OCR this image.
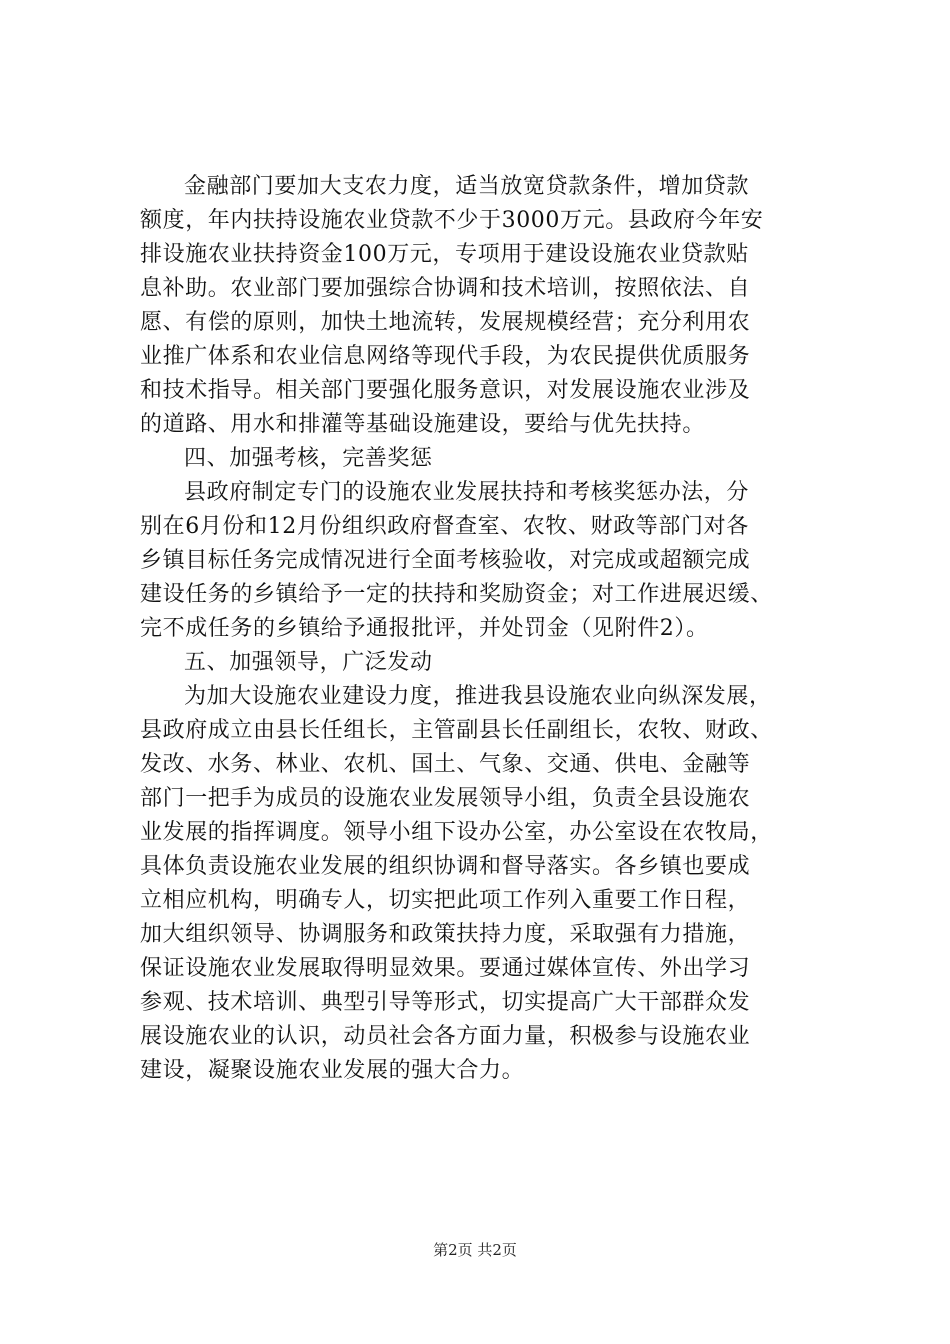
金融部门要加大支农力度，适当放宽贷款条件，增加贷款
额度，年内扶持设施农业贷款不少于3000万元。县政府今年安
排设施农业扶持资金100万元，专项用于建设设施农业贷款贴
息补助。农业部门要加强综合协调和技术培训，按照依法、自
愿、有偿的原则，加快土地流转，发展规模经营；充分利用农
业推广体系和农业信息网络等现代手段，为农民提供优质服务
和技术指导。相关部门要强化服务意识，对发展设施农业涉及
的道路、用水和排灌等基础设施建设，要给与优先扶持。
四、加强考核，完善奖惩
县政府制定专门的设施农业发展扶持和考核奖惩办法，分
别在6月份和12月份组织政府督查室、农牧、财政等部门对各
乡镇目标任务完成情况进行全面考核验收，对完成或超额完成
建设任务的乡镇给予一定的扶持和奖励资金；对工作进展迟缓、
完不成任务的乡镇给予通报批评，并处罚金（见附件2）。
五、加强领导，广泛发动
为加大设施农业建设力度，推进我县设施农业向纵深发展，
县政府成立由县长任组长，主管副县长任副组长，农牧、财政、
发改、水务、林业、农机、国土、气象、交通、供电、金融等
部门一把手为成员的设施农业发展领导小组，负责全县设施农
业发展的指挥调度。领导小组下设办公室，办公室设在农牧局，
具体负责设施农业发展的组织协调和督导落实。各乡镇也要成
立相应机构，明确专人，切实把此项工作列入重要工作日程，
加大组织领导、协调服务和政策扶持力度，采取强有力措施，
保证设施农业发展取得明显效果。要通过媒体宣传、外出学习
参观、技术培训、典型引导等形式，切实提高广大干部群众发
展设施农业的认识，动员社会各方面力量，积极参与设施农业
建设，凝聚设施农业发展的强大合力。
第2页 共2页
